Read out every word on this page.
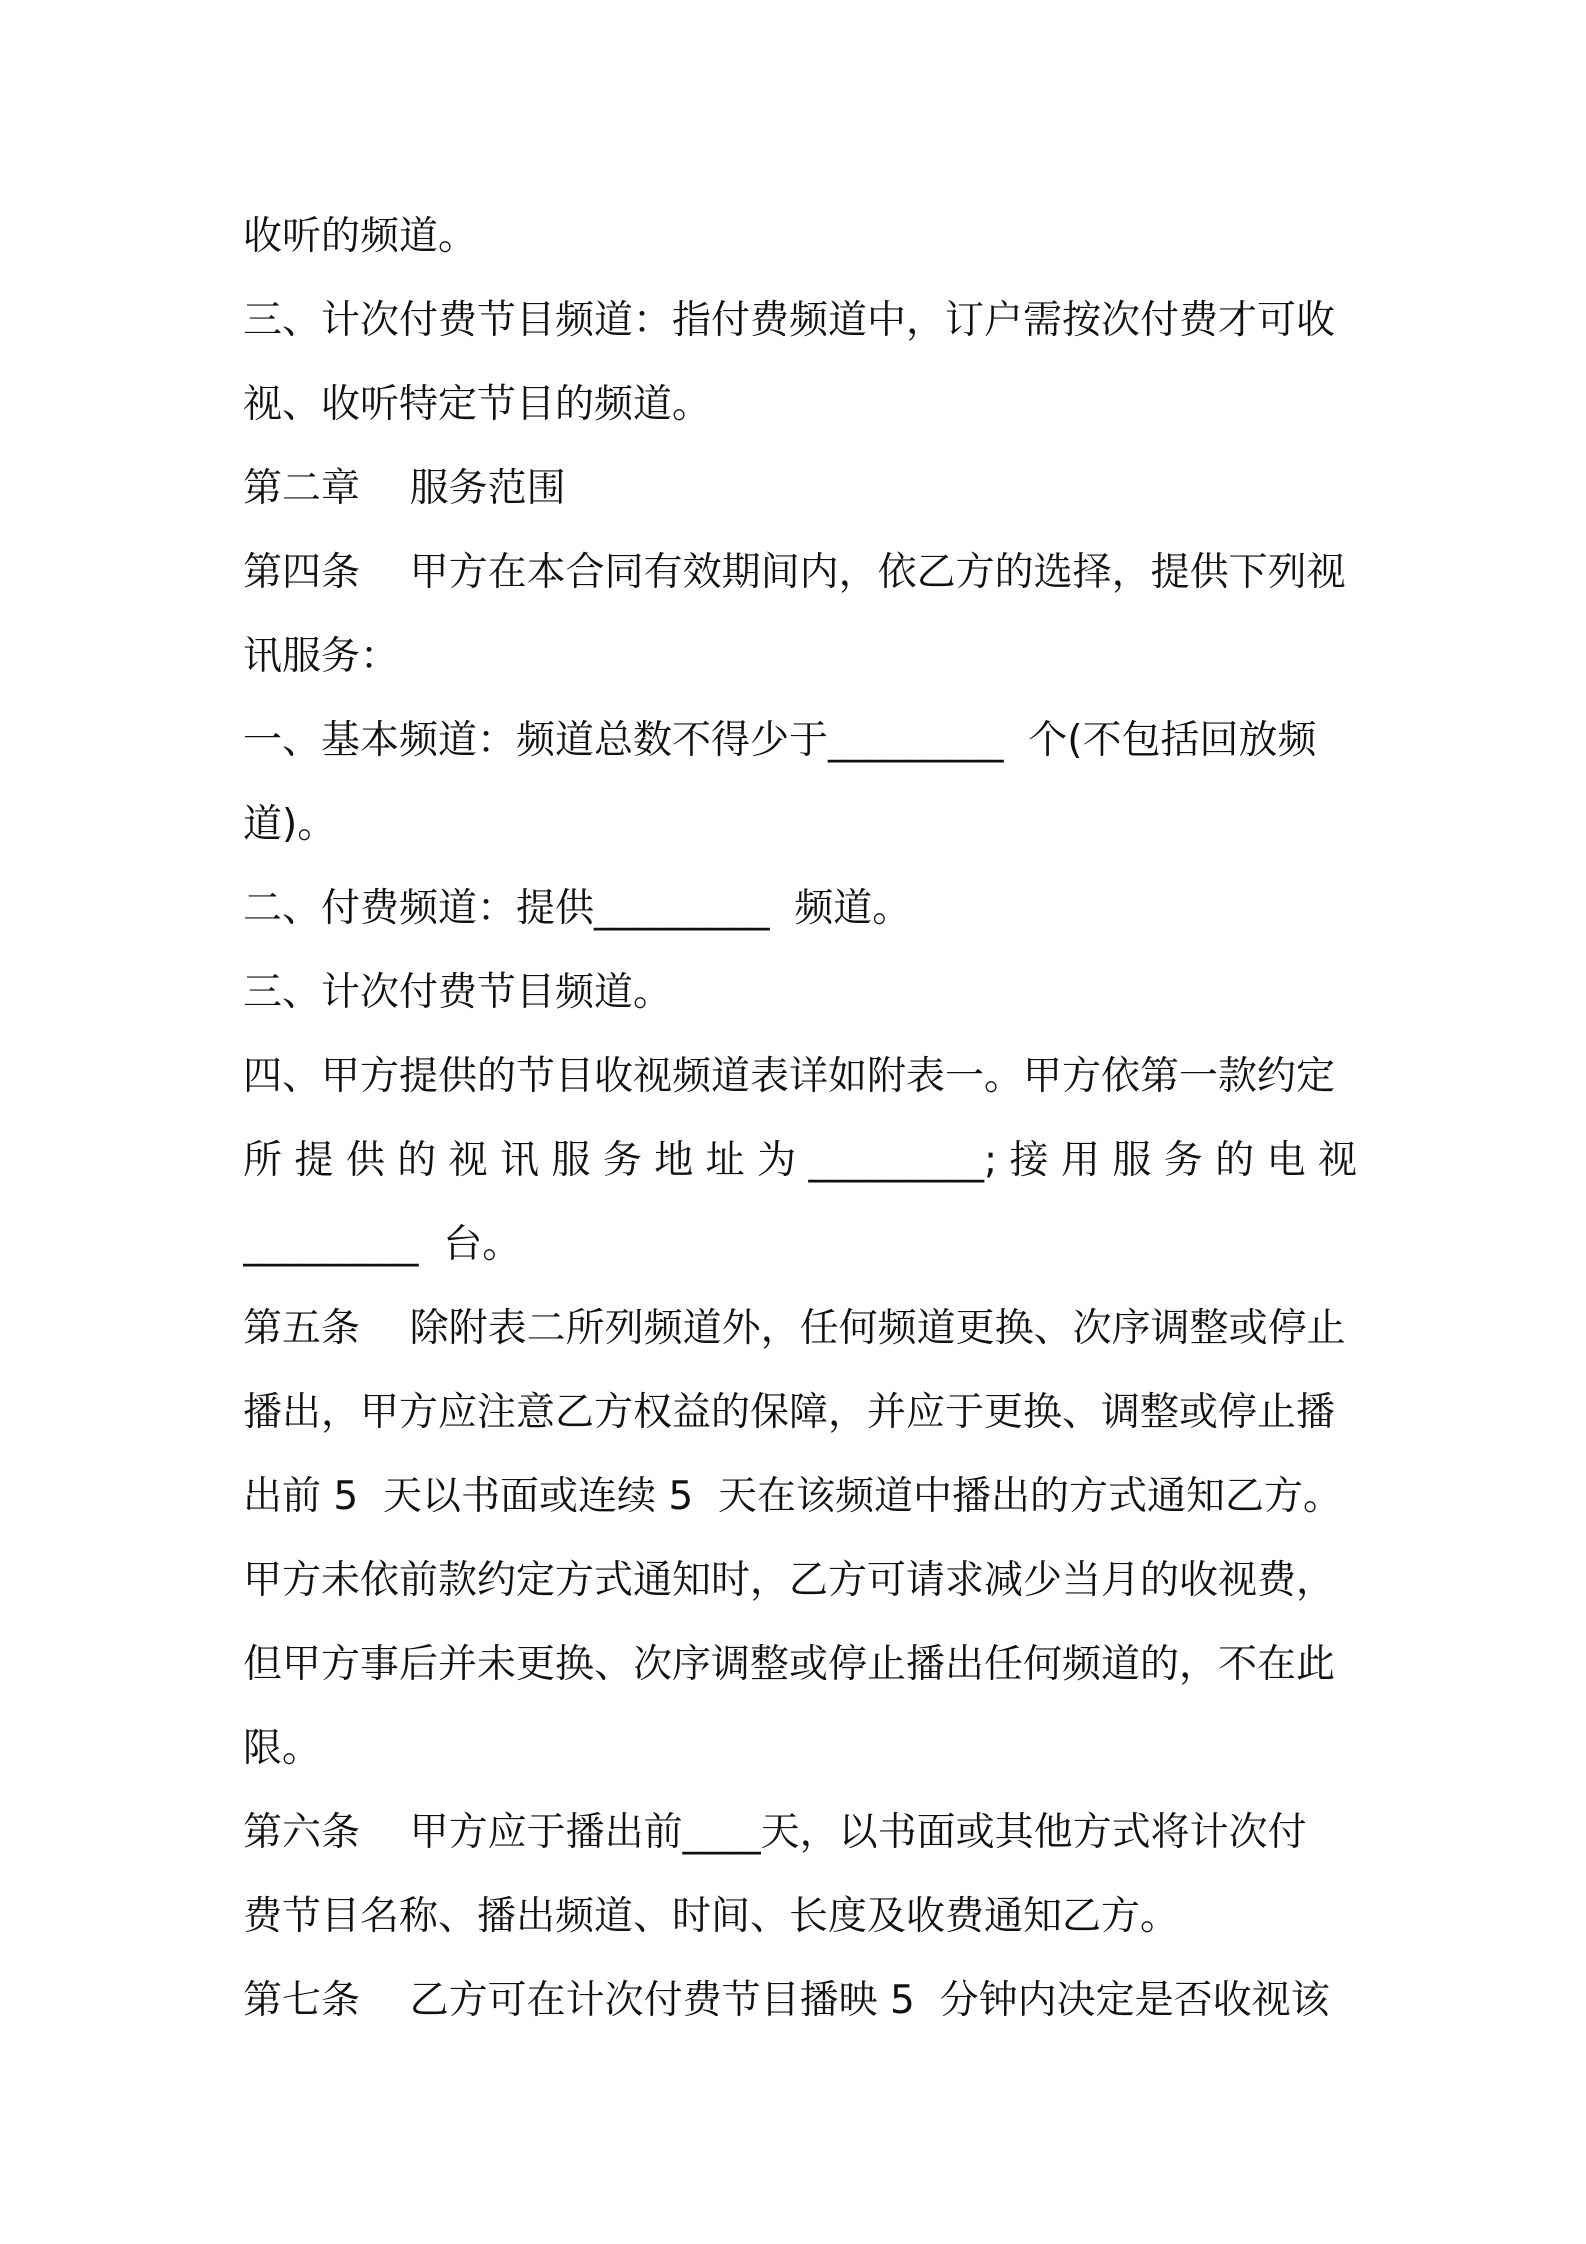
收听的频道。
三、计次付费节目频道：指付费频道中，订户需按次付费才可收
视、收听特定节目的频道。
第二章    服务范围
第四条    甲方在本合同有效期间内，依乙方的选择，提供下列视
讯服务：
一、基本频道：频道总数不得少于_________  个(不包括回放频
道)。
二、付费频道：提供_________  频道。
三、计次付费节目频道。
四、甲方提供的节目收视频道表详如附表一。甲方依第一款约定
所提供的视讯服务地址为_________;接用服务的电视
_________  台。
第五条    除附表二所列频道外，任何频道更换、次序调整或停止
播出，甲方应注意乙方权益的保障，并应于更换、调整或停止播
出前 5  天以书面或连续 5  天在该频道中播出的方式通知乙方。
甲方未依前款约定方式通知时，乙方可请求减少当月的收视费，
但甲方事后并未更换、次序调整或停止播出任何频道的，不在此
限。
第六条    甲方应于播出前____天，以书面或其他方式将计次付
费节目名称、播出频道、时间、长度及收费通知乙方。
第七条    乙方可在计次付费节目播映 5  分钟内决定是否收视该
